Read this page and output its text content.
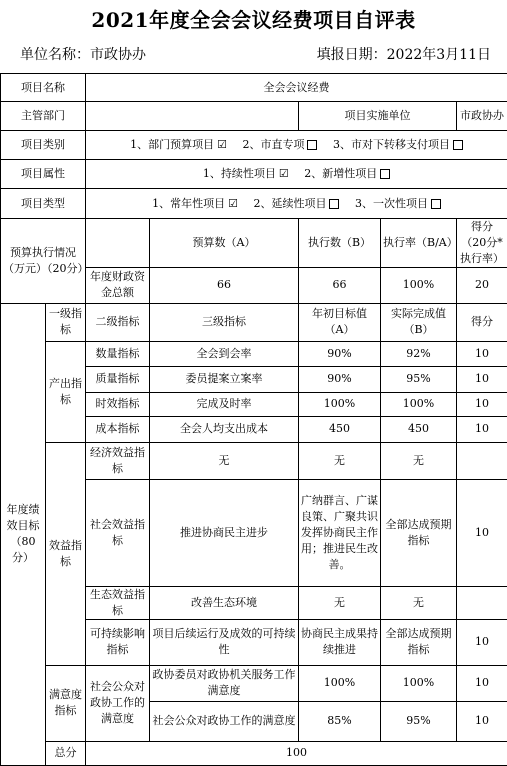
2021年度全会会议经费项目自评表
单位名称：市政协办	填报日期：2022年3月11日
项目名称		全会会议经费				
主管部门				项目实施单位		市政协办
项目类别		1、部门预算项目 ☑ 2、市直专项 3、市对下转移支付项目				
项目属性		1、持续性项目 ☑ 2、新增性项目				
项目类型		1、常年性项目 ☑ 2、延续性项目 3、一次性项目				
预算执行情况（万元）（20分）			预算数（A）	执行数（B）	执行率（B/A）	得分（20分*执行率）
		年度财政资金总额	66	66	100%	20
年度绩效目标（80分）	一级指标	二级指标	三级指标	年初目标值（A）	实际完成值（B）	得分
	产出指标	数量指标	全会到会率	90%	92%	10
		质量指标	委员提案立案率	90%	95%	10
		时效指标	完成及时率	100%	100%	10
		成本指标	全会人均支出成本	450	450	10
	效益指标	经济效益指标	无	无	无	
		社会效益指标	推进协商民主进步	广纳群言、广谋良策、广聚共识发挥协商民主作用；推进民生改善。	全部达成预期指标	10
		生态效益指标	改善生态环境	无	无	
		可持续影响指标	项目后续运行及成效的可持续性	协商民主成果持续推进	全部达成预期指标	10
	满意度指标	社会公众对政协工作的满意度	政协委员对政协机关服务工作满意度	100%	100%	10
			社会公众对政协工作的满意度	85%	95%	10
	总分	100				
